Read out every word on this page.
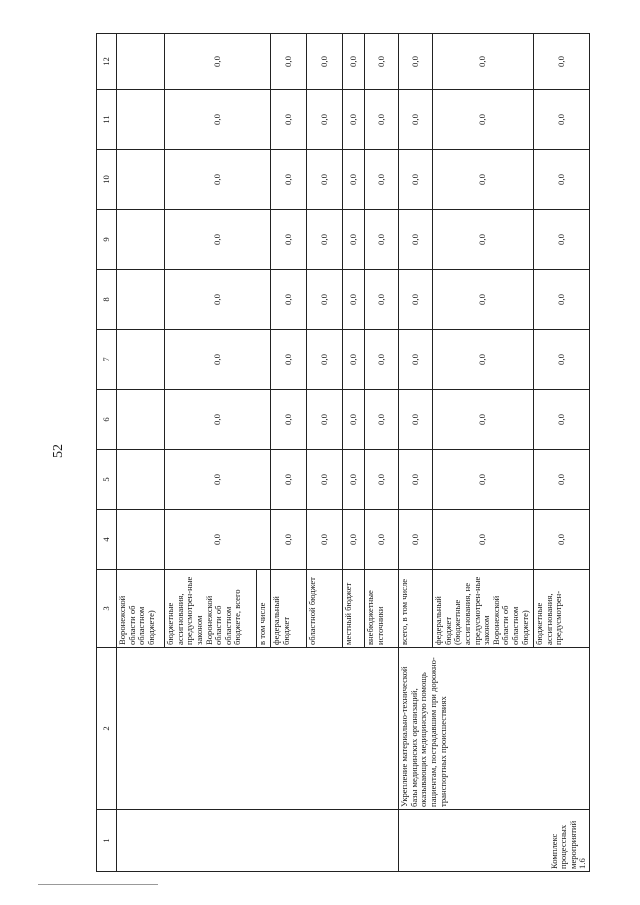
52
1	2	3	4	5	6	7	8	9	10	11	12
		Воронежской области об областном бюджете)									
		бюджетные ассигнования, предусмотрен-ные законом Воронежской области об областном бюджете, всего	0,0	0,0	0,0	0,0	0,0	0,0	0,0	0,0	0,0
		в том числе									
		федеральный бюджет	0,0	0,0	0,0	0,0	0,0	0,0	0,0	0,0	0,0
		областной бюджет	0,0	0,0	0,0	0,0	0,0	0,0	0,0	0,0	0,0
		местный бюджет	0,0	0,0	0,0	0,0	0,0	0,0	0,0	0,0	0,0
		внебюджетные источники	0,0	0,0	0,0	0,0	0,0	0,0	0,0	0,0	0,0
Комплекс процессных мероприятий 1.6	Укрепление материально-технической базы медицинских организаций, оказывающих медицинскую помощь пациентам, пострадавшим при дорожно-транспортных происшествиях	всего, в том числе	0,0	0,0	0,0	0,0	0,0	0,0	0,0	0,0	0,0
		федеральный бюджет (бюджетные ассигнования, не предусмотрен-ные законом Воронежской области об областном бюджете)	0,0	0,0	0,0	0,0	0,0	0,0	0,0	0,0	0,0
		бюджетные ассигнования, предусмотрен-	0,0	0,0	0,0	0,0	0,0	0,0	0,0	0,0	0,0
